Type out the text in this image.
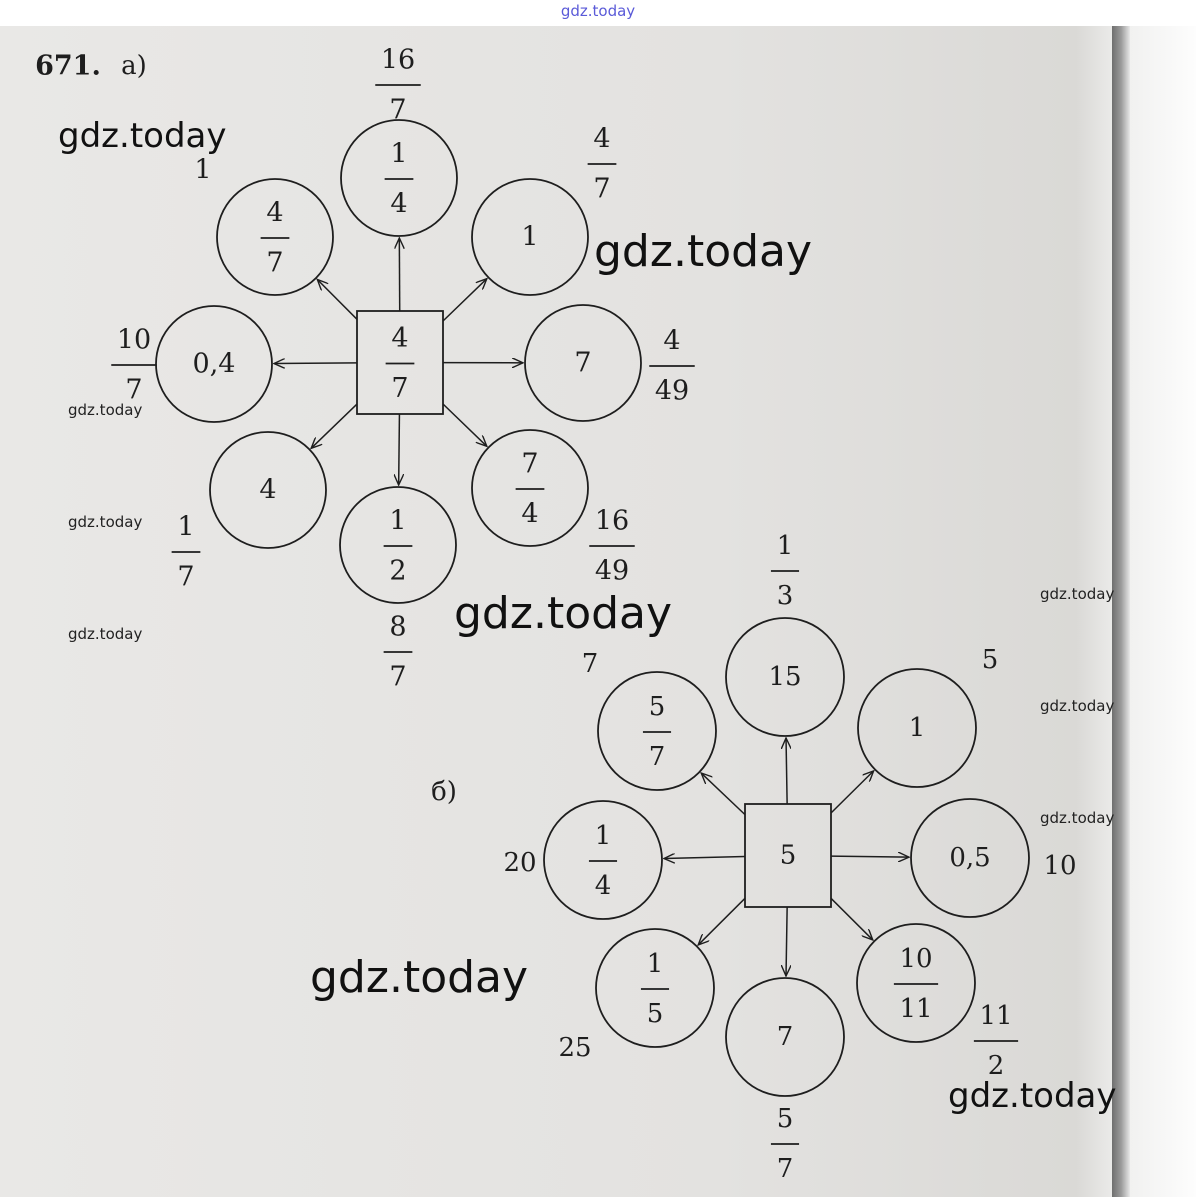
gdz.today
671. а)
б)
4
7
1
4
16
7
1
4
7
7
4
49
7
4 16
49
1
2
8
7
4
1
7
0,4
10
7
4
7
1
5
15
1
3
1
5
0,5 10
10
11 11
2
7
5
7
1
5
25
1
4
20
5
7
7
gdz.today
gdz.today
gdz.today
gdz.today
gdz.today
gdz.today
gdz.today
gdz.today
gdz.today
gdz.today
gdz.today
